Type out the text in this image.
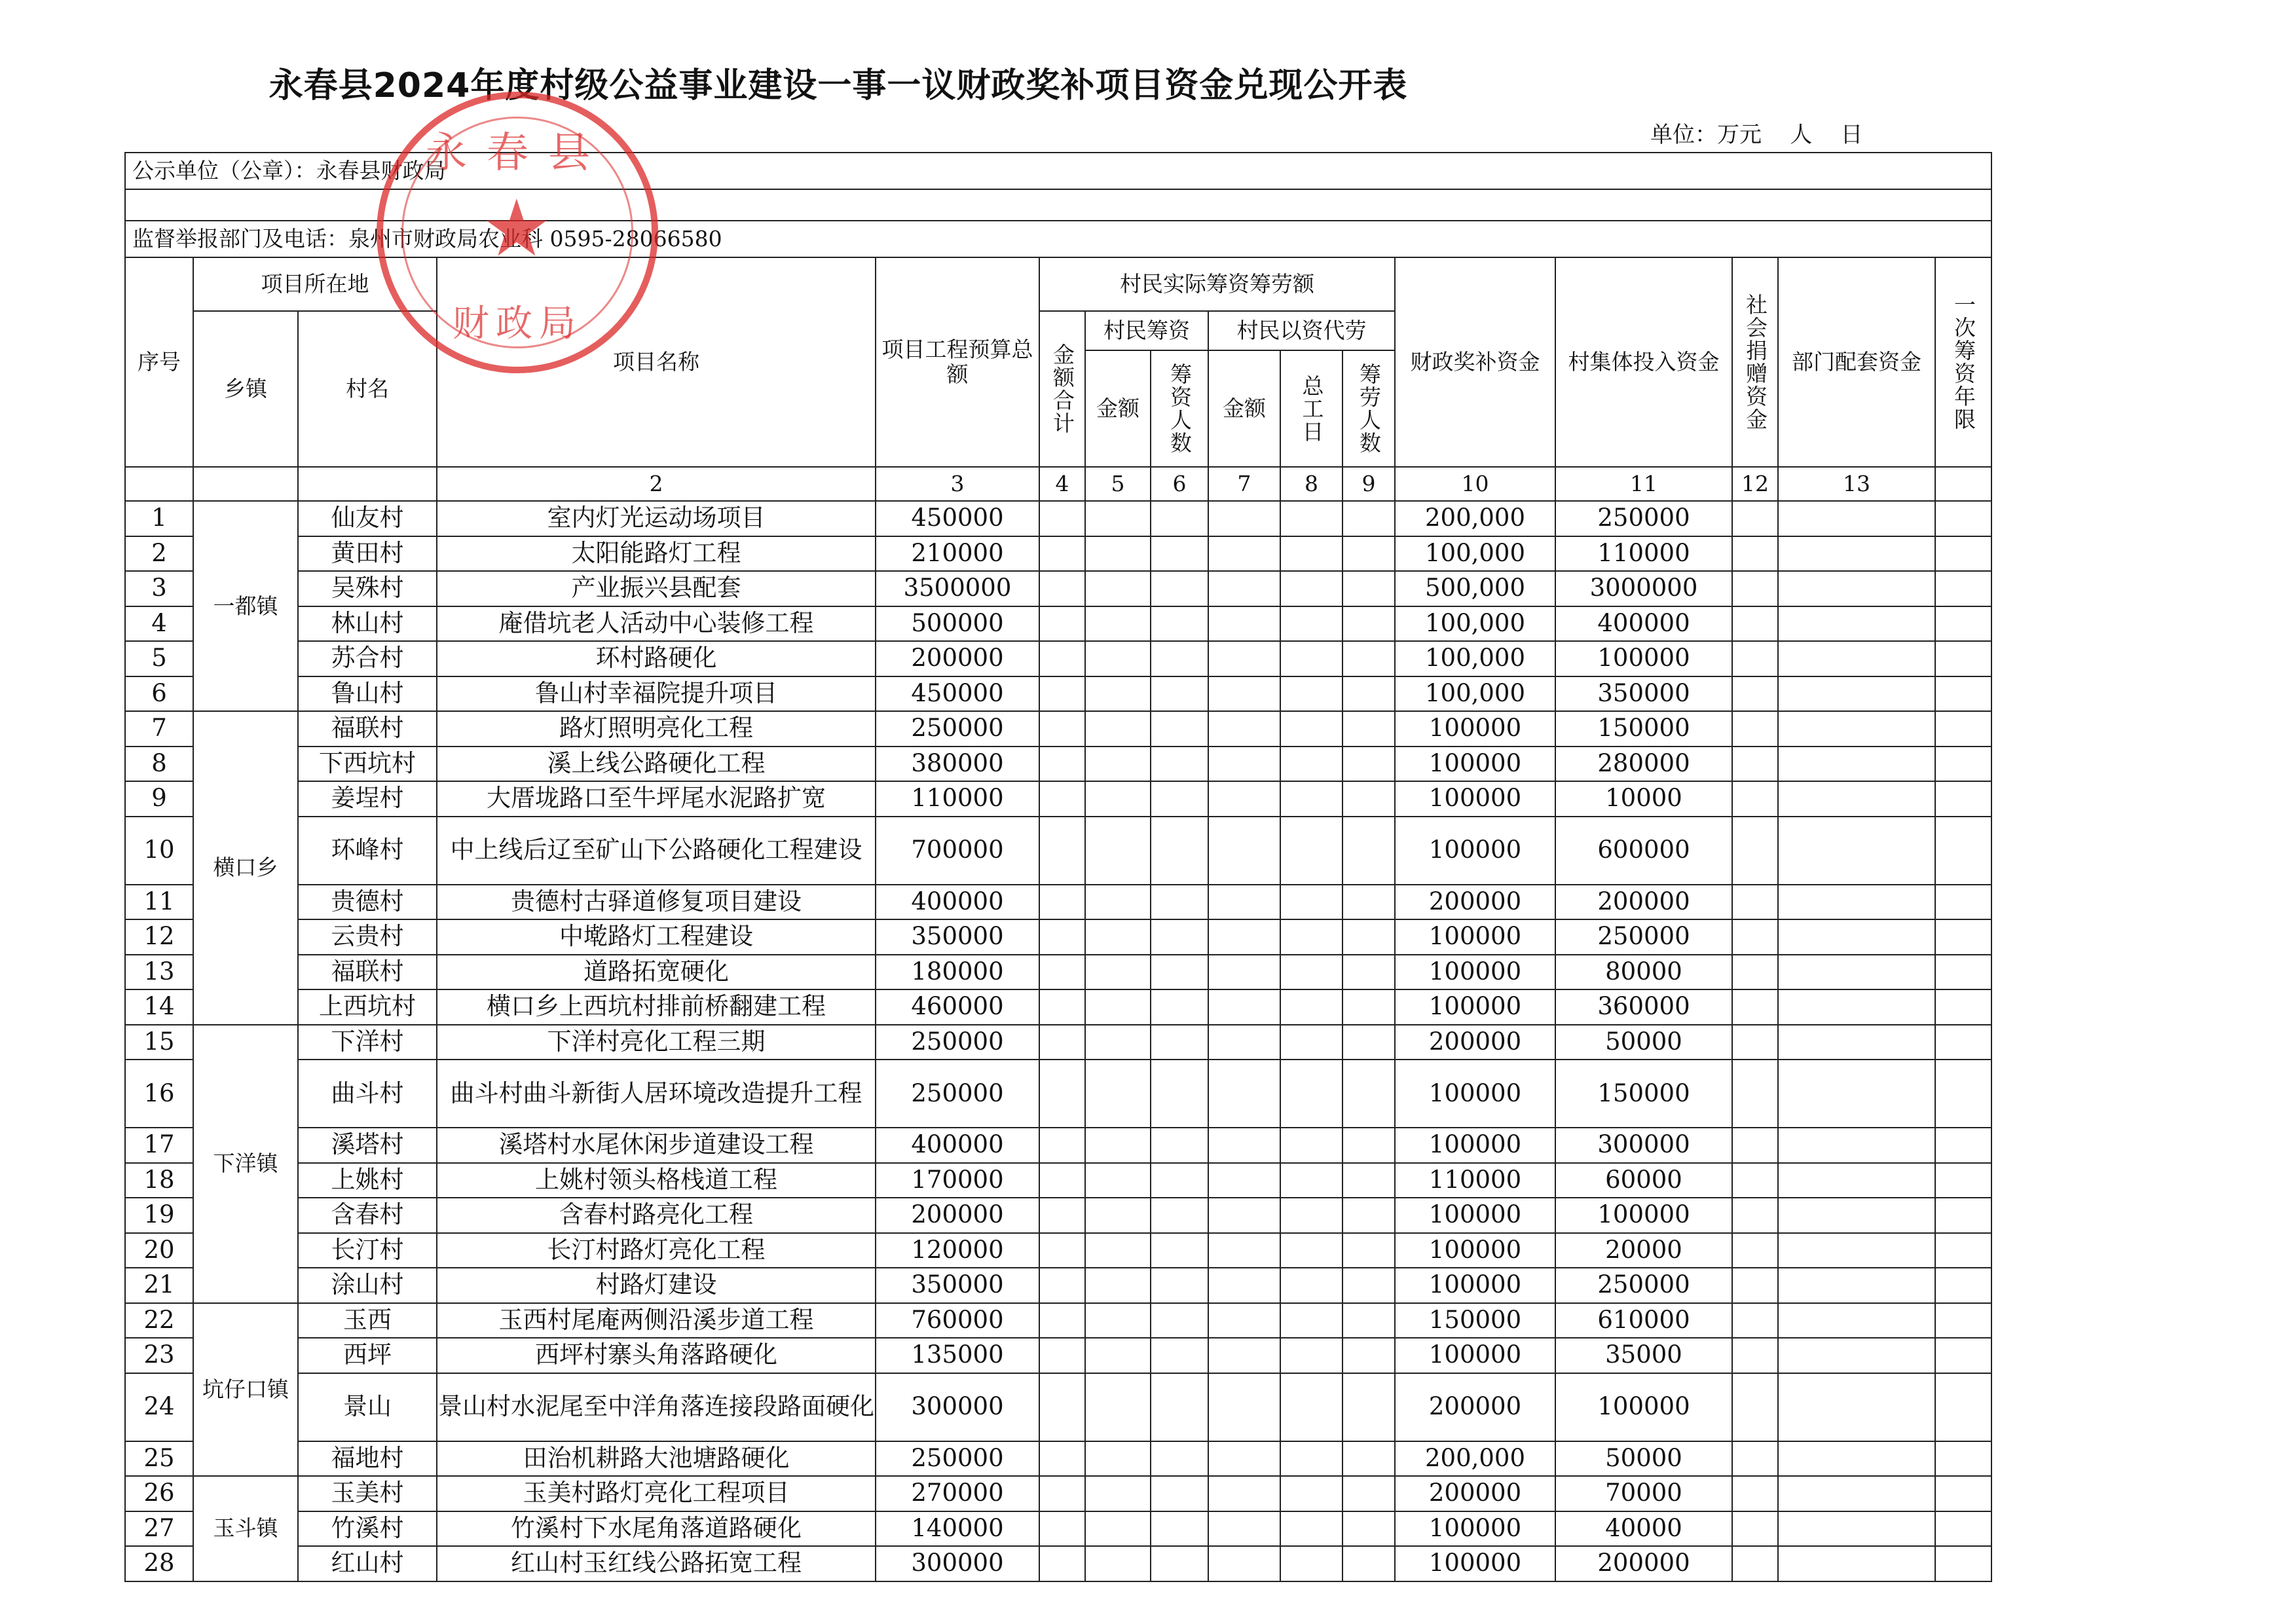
永春县2024年度村级公益事业建设一事一议财政奖补项目资金兑现公开表
单位：万元    人    日
公示单位（公章）：永春县财政局															

监督举报部门及电话：泉州市财政局农业科 0595-28066580															
序号	项目所在地		项目名称	项目工程预算总额	村民实际筹资筹劳额						财政奖补资金	村集体投入资金	社会捐赠资金	部门配套资金	一次筹资年限
	乡镇	村名			金额合计	村民筹资		村民以资代劳							
						金额	筹资人数	金额	总工日	筹劳人数					
			2	3	4	5	6	7	8	9	10	11	12	13	
1	一都镇	仙友村	室内灯光运动场项目	450000							200,000	250000			
2		黄田村	太阳能路灯工程	210000							100,000	110000			
3		吴殊村	产业振兴县配套	3500000							500,000	3000000			
4		林山村	庵借坑老人活动中心装修工程	500000							100,000	400000			
5		苏合村	环村路硬化	200000							100,000	100000			
6		鲁山村	鲁山村幸福院提升项目	450000							100,000	350000			
7	横口乡	福联村	路灯照明亮化工程	250000							100000	150000			
8		下西坑村	溪上线公路硬化工程	380000							100000	280000			
9		姜埕村	大厝垅路口至牛坪尾水泥路扩宽	110000							100000	10000			
10		环峰村	中上线后辽至矿山下公路硬化工程建设	700000							100000	600000			
11		贵德村	贵德村古驿道修复项目建设	400000							200000	200000			
12		云贵村	中墘路灯工程建设	350000							100000	250000			
13		福联村	道路拓宽硬化	180000							100000	80000			
14		上西坑村	横口乡上西坑村排前桥翻建工程	460000							100000	360000			
15	下洋镇	下洋村	下洋村亮化工程三期	250000							200000	50000			
16		曲斗村	曲斗村曲斗新街人居环境改造提升工程	250000							100000	150000			
17		溪塔村	溪塔村水尾休闲步道建设工程	400000							100000	300000			
18		上姚村	上姚村领头格栈道工程	170000							110000	60000			
19		含春村	含春村路亮化工程	200000							100000	100000			
20		长汀村	长汀村路灯亮化工程	120000							100000	20000			
21		涂山村	村路灯建设	350000							100000	250000			
22	坑仔口镇	玉西	玉西村尾庵两侧沿溪步道工程	760000							150000	610000			
23		西坪	西坪村寨头角落路硬化	135000							100000	35000			
24		景山	景山村水泥尾至中洋角落连接段路面硬化	300000							200000	100000			
25		福地村	田治机耕路大池塘路硬化	250000							200,000	50000			
26	玉斗镇	玉美村	玉美村路灯亮化工程项目	270000							200000	70000			
27		竹溪村	竹溪村下水尾角落道路硬化	140000							100000	40000			
28		红山村	红山村玉红线公路拓宽工程	300000							100000	200000			
永春县
★
财政局
